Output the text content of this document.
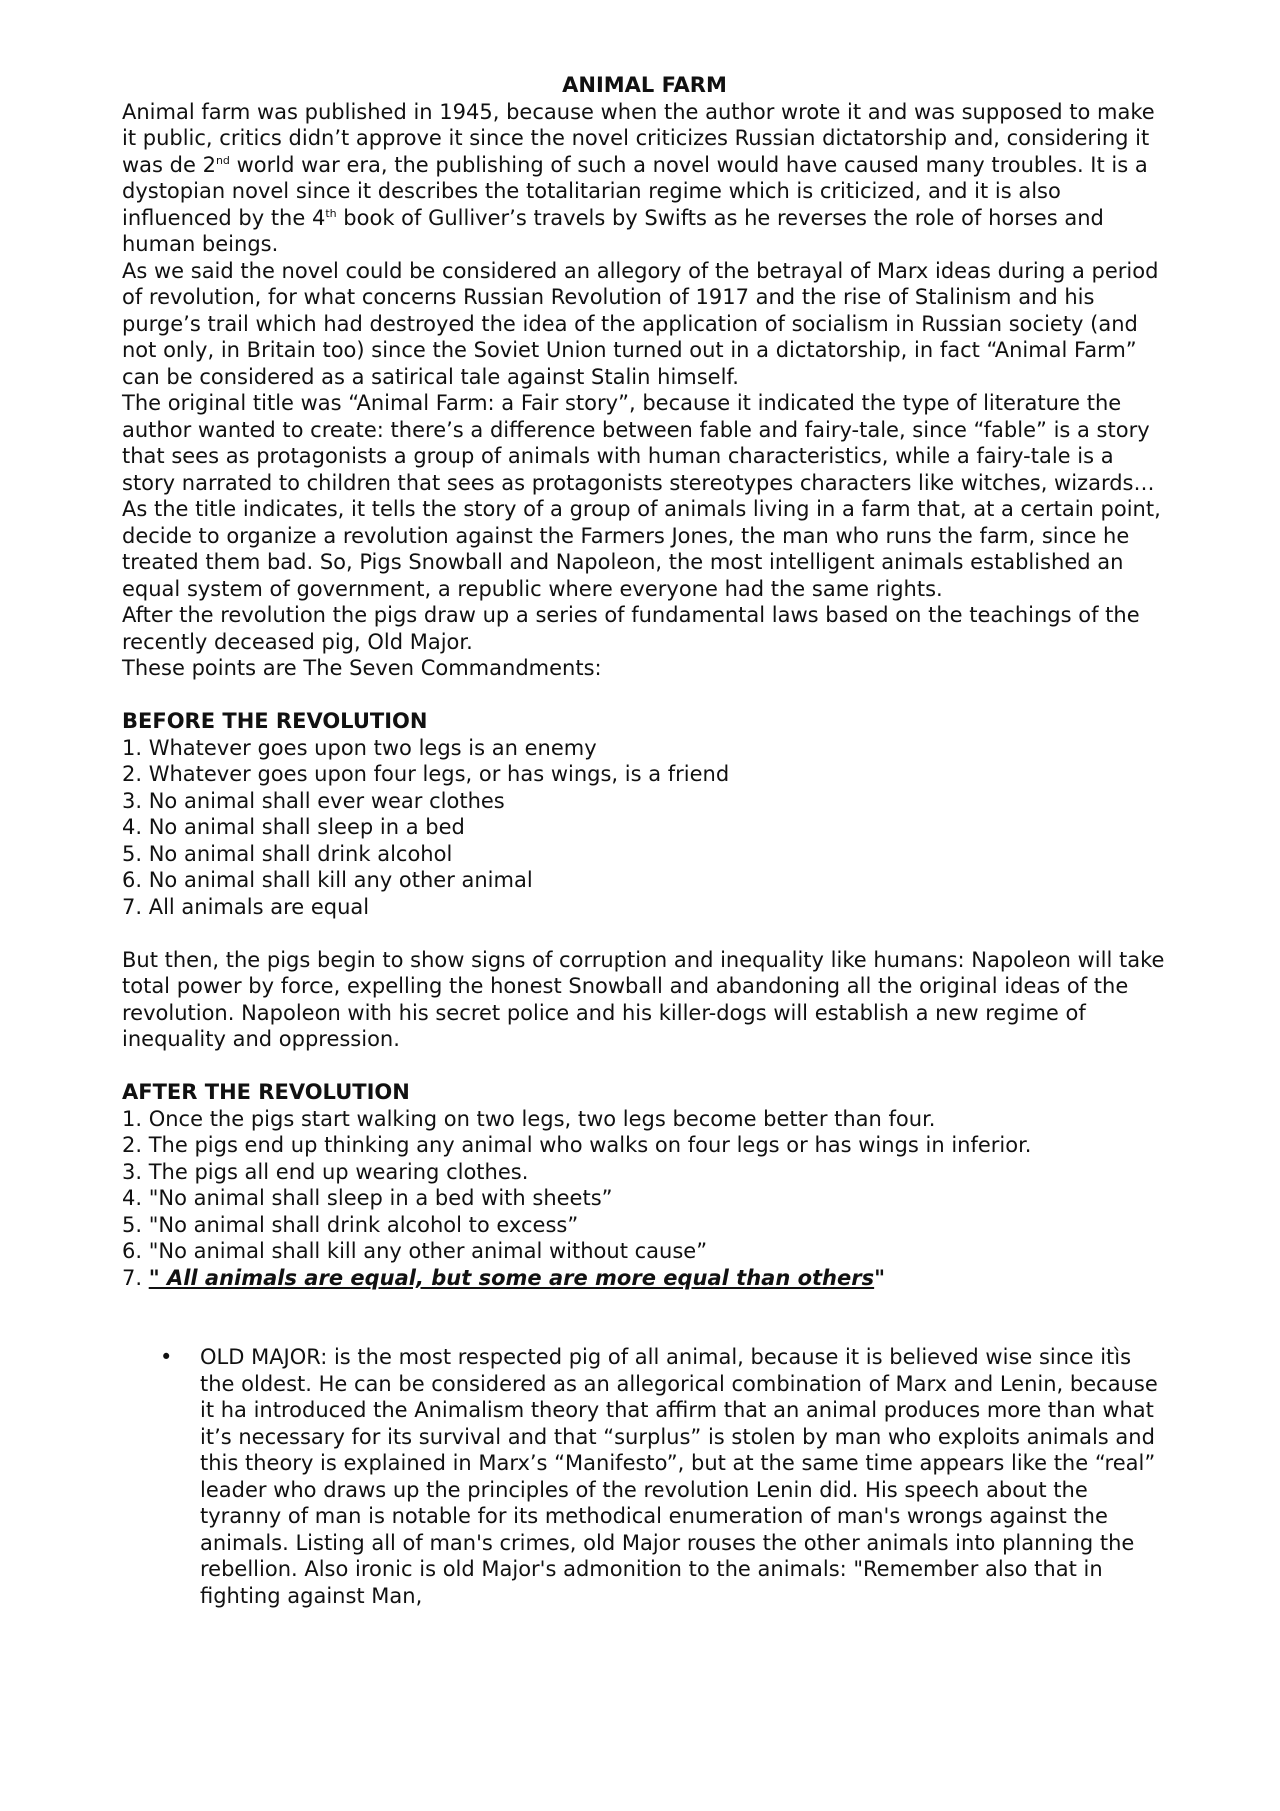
ANIMAL FARM

Animal farm was published in 1945, because when the author wrote it and was supposed to make it public, critics didn’t approve it since the novel criticizes Russian dictatorship and, considering it was de 2nd world war era, the publishing of such a novel would have caused many troubles. It is a dystopian novel since it describes the totalitarian regime which is criticized, and it is also influenced by the 4th book of Gulliver’s travels by Swifts as he reverses the role of horses and human beings.

As we said the novel could be considered an allegory of the betrayal of Marx ideas during a period of revolution, for what concerns Russian Revolution of 1917 and the rise of Stalinism and his purge’s trail which had destroyed the idea of the application of socialism in Russian society (and not only, in Britain too) since the Soviet Union turned out in a dictatorship, in fact “Animal Farm” can be considered as a satirical tale against Stalin himself.

The original title was “Animal Farm: a Fair story”, because it indicated the type of literature the author wanted to create: there’s a difference between fable and fairy-tale, since “fable” is a story that sees as protagonists a group of animals with human characteristics, while a fairy-tale is a story narrated to children that sees as protagonists stereotypes characters like witches, wizards…

As the title indicates, it tells the story of a group of animals living in a farm that, at a certain point, decide to organize a revolution against the Farmers Jones, the man who runs the farm, since he treated them bad. So, Pigs Snowball and Napoleon, the most intelligent animals established an equal system of government, a republic where everyone had the same rights.

After the revolution the pigs draw up a series of fundamental laws based on the teachings of the recently deceased pig, Old Major.

These points are The Seven Commandments:

BEFORE THE REVOLUTION

1. Whatever goes upon two legs is an enemy
2. Whatever goes upon four legs, or has wings, is a friend
3. No animal shall ever wear clothes
4. No animal shall sleep in a bed
5. No animal shall drink alcohol
6. No animal shall kill any other animal
7. All animals are equal

But then, the pigs begin to show signs of corruption and inequality like humans: Napoleon will take total power by force, expelling the honest Snowball and abandoning all the original ideas of the revolution. Napoleon with his secret police and his killer-dogs will establish a new regime of inequality and oppression.

AFTER THE REVOLUTION

1. Once the pigs start walking on two legs, two legs become better than four.
2. The pigs end up thinking any animal who walks on four legs or has wings in inferior.
3. The pigs all end up wearing clothes.
4. "No animal shall sleep in a bed with sheets”
5. "No animal shall drink alcohol to excess”
6. "No animal shall kill any other animal without cause”
7. " All animals are equal, but some are more equal than others"
• OLD MAJOR: is the most respected pig of all animal, because it is believed wise since itìs the oldest. He can be considered as an allegorical combination of Marx and Lenin, because it ha introduced the Animalism theory that affirm that an animal produces more than what it’s necessary for its survival and that “surplus” is stolen by man who exploits animals and this theory is explained in Marx’s “Manifesto”, but at the same time appears like the “real” leader who draws up the principles of the revolution Lenin did. His speech about the tyranny of man is notable for its methodical enumeration of man's wrongs against the animals. Listing all of man's crimes, old Major rouses the other animals into planning the rebellion. Also ironic is old Major's admonition to the animals: "Remember also that in fighting against Man,
